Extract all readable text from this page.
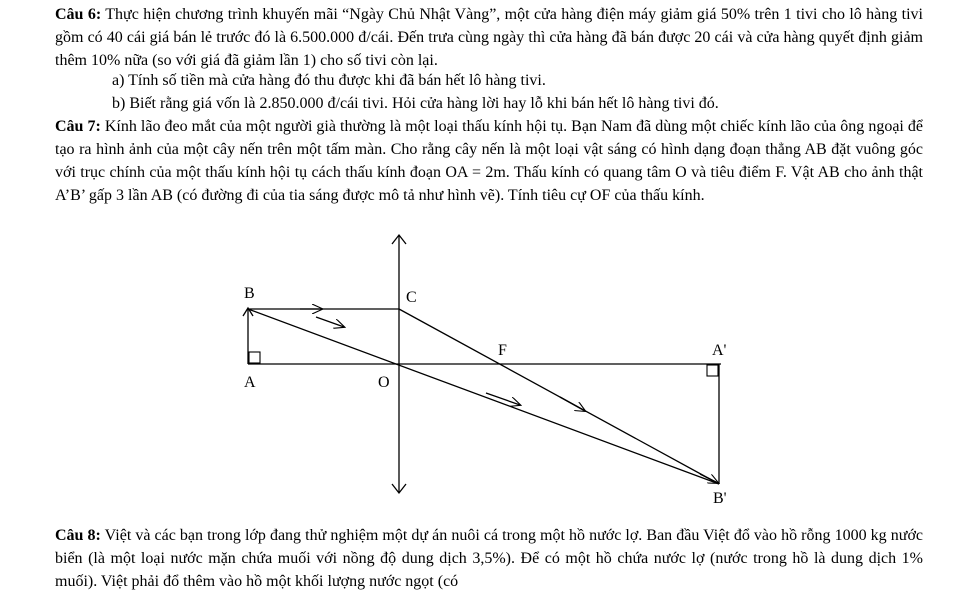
Câu 6: Thực hiện chương trình khuyến mãi “Ngày Chủ Nhật Vàng”, một cửa hàng điện máy giảm giá 50% trên 1 tivi cho lô hàng tivi gồm có 40 cái giá bán lẻ trước đó là 6.500.000 đ/cái. Đến trưa cùng ngày thì cửa hàng đã bán được 20 cái và cửa hàng quyết định giảm thêm 10% nữa (so với giá đã giảm lần 1) cho số tivi còn lại.

a) Tính số tiền mà cửa hàng đó thu được khi đã bán hết lô hàng tivi.

b) Biết rằng giá vốn là 2.850.000 đ/cái tivi. Hỏi cửa hàng lời hay lỗ khi bán hết lô hàng tivi đó.

Câu 7: Kính lão đeo mắt của một người già thường là một loại thấu kính hội tụ. Bạn Nam đã dùng một chiếc kính lão của ông ngoại để tạo ra hình ảnh của một cây nến trên một tấm màn. Cho rằng cây nến là một loại vật sáng có hình dạng đoạn thẳng AB đặt vuông góc với trục chính của một thấu kính hội tụ cách thấu kính đoạn OA = 2m. Thấu kính có quang tâm O và tiêu điểm F. Vật AB cho ảnh thật A’B’ gấp 3 lần AB (có đường đi của tia sáng được mô tả như hình vẽ). Tính tiêu cự OF của thấu kính.

B	C
F	A'
A	O
B'

Câu 8: Việt và các bạn trong lớp đang thử nghiệm một dự án nuôi cá trong một hồ nước lợ. Ban đầu Việt đổ vào hồ rỗng 1000 kg nước biển (là một loại nước mặn chứa muối với nồng độ dung dịch 3,5%). Để có một hồ chứa nước lợ (nước trong hồ là dung dịch 1% muối). Việt phải đổ thêm vào hồ một khối lượng nước ngọt (có
